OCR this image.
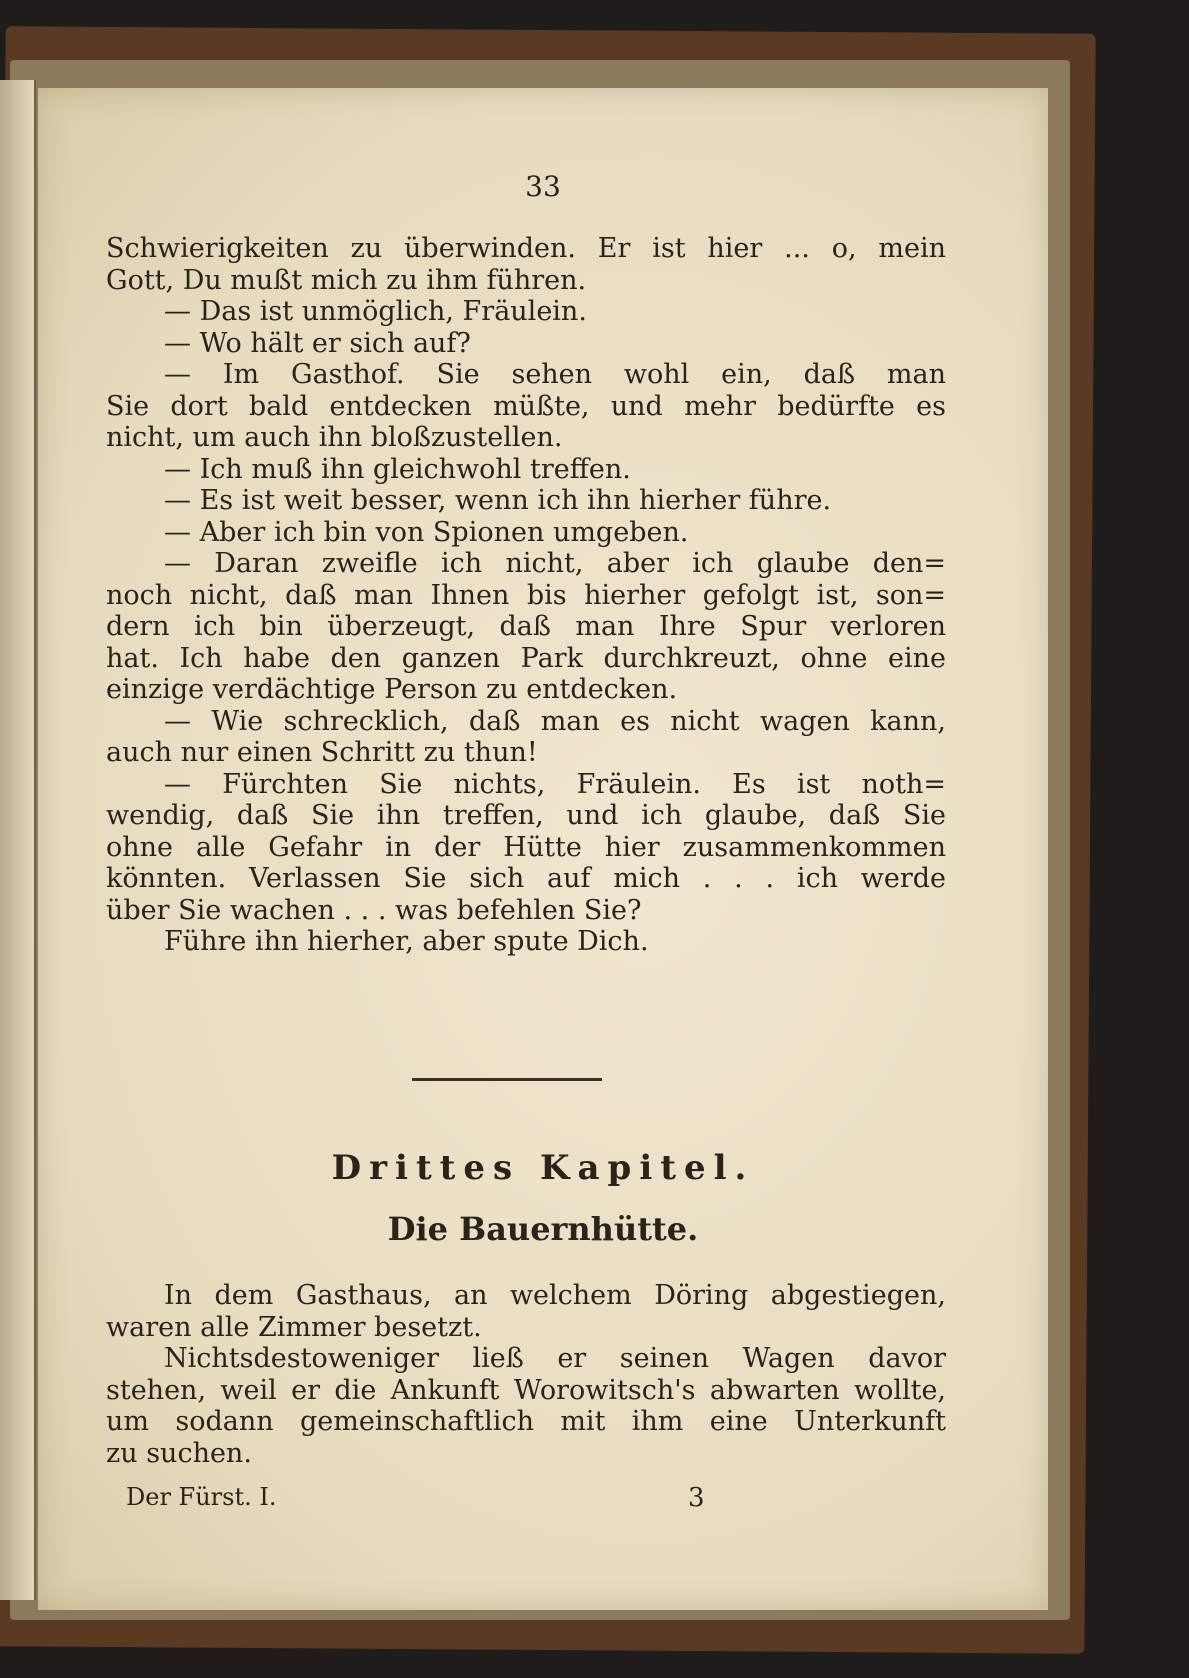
33
Schwierigkeiten zu überwinden. Er ist hier ... o, mein
Gott, Du mußt mich zu ihm führen.
— Das ist unmöglich, Fräulein.
— Wo hält er sich auf?
— Im Gasthof. Sie sehen wohl ein, daß man
Sie dort bald entdecken müßte, und mehr bedürfte es
nicht, um auch ihn bloßzustellen.
— Ich muß ihn gleichwohl treffen.
— Es ist weit besser, wenn ich ihn hierher führe.
— Aber ich bin von Spionen umgeben.
— Daran zweifle ich nicht, aber ich glaube den=
noch nicht, daß man Ihnen bis hierher gefolgt ist, son=
dern ich bin überzeugt, daß man Ihre Spur verloren
hat. Ich habe den ganzen Park durchkreuzt, ohne eine
einzige verdächtige Person zu entdecken.
— Wie schrecklich, daß man es nicht wagen kann,
auch nur einen Schritt zu thun!
— Fürchten Sie nichts, Fräulein. Es ist noth=
wendig, daß Sie ihn treffen, und ich glaube, daß Sie
ohne alle Gefahr in der Hütte hier zusammenkommen
könnten. Verlassen Sie sich auf mich . . . ich werde
über Sie wachen . . . was befehlen Sie?
Führe ihn hierher, aber spute Dich.
Drittes Kapitel.
Die Bauernhütte.
In dem Gasthaus, an welchem Döring abgestiegen,
waren alle Zimmer besetzt.
Nichtsdestoweniger ließ er seinen Wagen davor
stehen, weil er die Ankunft Worowitsch's abwarten wollte,
um sodann gemeinschaftlich mit ihm eine Unterkunft
zu suchen.
Der Fürst. I.	3
